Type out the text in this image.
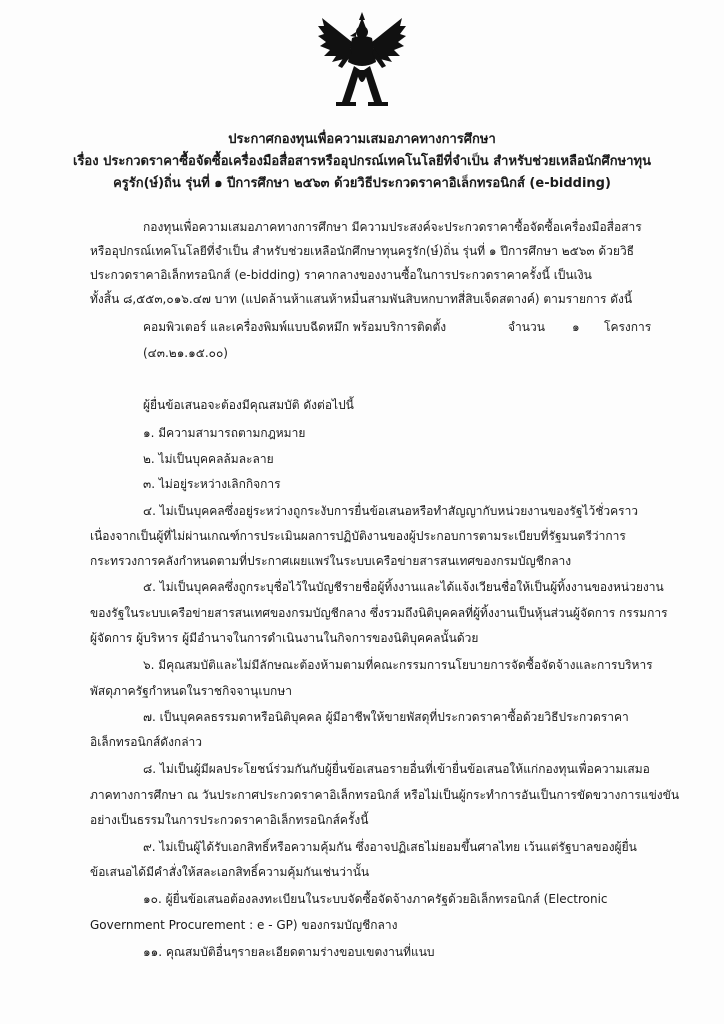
ประกาศกองทุนเพื่อความเสมอภาคทางการศึกษา
เรื่อง ประกวดราคาซื้อจัดซื้อเครื่องมือสื่อสารหรืออุปกรณ์เทคโนโลยีที่จำเป็น สำหรับช่วยเหลือนักศึกษาทุน
ครูรัก(ษ์)ถิ่น รุ่นที่ ๑ ปีการศึกษา ๒๕๖๓ ด้วยวิธีประกวดราคาอิเล็กทรอนิกส์ (e-bidding)
กองทุนเพื่อความเสมอภาคทางการศึกษา มีความประสงค์จะประกวดราคาซื้อจัดซื้อเครื่องมือสื่อสาร
หรืออุปกรณ์เทคโนโลยีที่จำเป็น สำหรับช่วยเหลือนักศึกษาทุนครูรัก(ษ์)ถิ่น รุ่นที่ ๑ ปีการศึกษา ๒๕๖๓ ด้วยวิธี
ประกวดราคาอิเล็กทรอนิกส์ (e-bidding) ราคากลางของงานซื้อในการประกวดราคาครั้งนี้ เป็นเงิน
ทั้งสิ้น ๘,๕๕๓,๐๑๖.๔๗ บาท (แปดล้านห้าแสนห้าหมื่นสามพันสิบหกบาทสี่สิบเจ็ดสตางค์) ตามรายการ ดังนี้
คอมพิวเตอร์ และเครื่องพิมพ์แบบฉีดหมึก พร้อมบริการติดตั้ง	จำนวน ๑ โครงการ
(๔๓.๒๑.๑๕.๐๐)
ผู้ยื่นข้อเสนอจะต้องมีคุณสมบัติ ดังต่อไปนี้
๑. มีความสามารถตามกฎหมาย
๒. ไม่เป็นบุคคลล้มละลาย
๓. ไม่อยู่ระหว่างเลิกกิจการ
๔. ไม่เป็นบุคคลซึ่งอยู่ระหว่างถูกระงับการยื่นข้อเสนอหรือทำสัญญากับหน่วยงานของรัฐไว้ชั่วคราว
เนื่องจากเป็นผู้ที่ไม่ผ่านเกณฑ์การประเมินผลการปฏิบัติงานของผู้ประกอบการตามระเบียบที่รัฐมนตรีว่าการ
กระทรวงการคลังกำหนดตามที่ประกาศเผยแพร่ในระบบเครือข่ายสารสนเทศของกรมบัญชีกลาง
๕. ไม่เป็นบุคคลซึ่งถูกระบุชื่อไว้ในบัญชีรายชื่อผู้ทิ้งงานและได้แจ้งเวียนชื่อให้เป็นผู้ทิ้งงานของหน่วยงาน
ของรัฐในระบบเครือข่ายสารสนเทศของกรมบัญชีกลาง ซึ่งรวมถึงนิติบุคคลที่ผู้ทิ้งงานเป็นหุ้นส่วนผู้จัดการ กรรมการ
ผู้จัดการ ผู้บริหาร ผู้มีอำนาจในการดำเนินงานในกิจการของนิติบุคคลนั้นด้วย
๖. มีคุณสมบัติและไม่มีลักษณะต้องห้ามตามที่คณะกรรมการนโยบายการจัดซื้อจัดจ้างและการบริหาร
พัสดุภาครัฐกำหนดในราชกิจจานุเบกษา
๗. เป็นบุคคลธรรมดาหรือนิติบุคคล ผู้มีอาชีพให้ขายพัสดุที่ประกวดราคาซื้อด้วยวิธีประกวดราคา
อิเล็กทรอนิกส์ดังกล่าว
๘. ไม่เป็นผู้มีผลประโยชน์ร่วมกันกับผู้ยื่นข้อเสนอรายอื่นที่เข้ายื่นข้อเสนอให้แก่กองทุนเพื่อความเสมอ
ภาคทางการศึกษา ณ วันประกาศประกวดราคาอิเล็กทรอนิกส์ หรือไม่เป็นผู้กระทำการอันเป็นการขัดขวางการแข่งขัน
อย่างเป็นธรรมในการประกวดราคาอิเล็กทรอนิกส์ครั้งนี้
๙. ไม่เป็นผู้ได้รับเอกสิทธิ์หรือความคุ้มกัน ซึ่งอาจปฏิเสธไม่ยอมขึ้นศาลไทย เว้นแต่รัฐบาลของผู้ยื่น
ข้อเสนอได้มีคำสั่งให้สละเอกสิทธิ์ความคุ้มกันเช่นว่านั้น
๑๐. ผู้ยื่นข้อเสนอต้องลงทะเบียนในระบบจัดซื้อจัดจ้างภาครัฐด้วยอิเล็กทรอนิกส์ (Electronic
Government Procurement : e - GP) ของกรมบัญชีกลาง
๑๑. คุณสมบัติอื่นๆรายละเอียดตามร่างขอบเขตงานที่แนบ
